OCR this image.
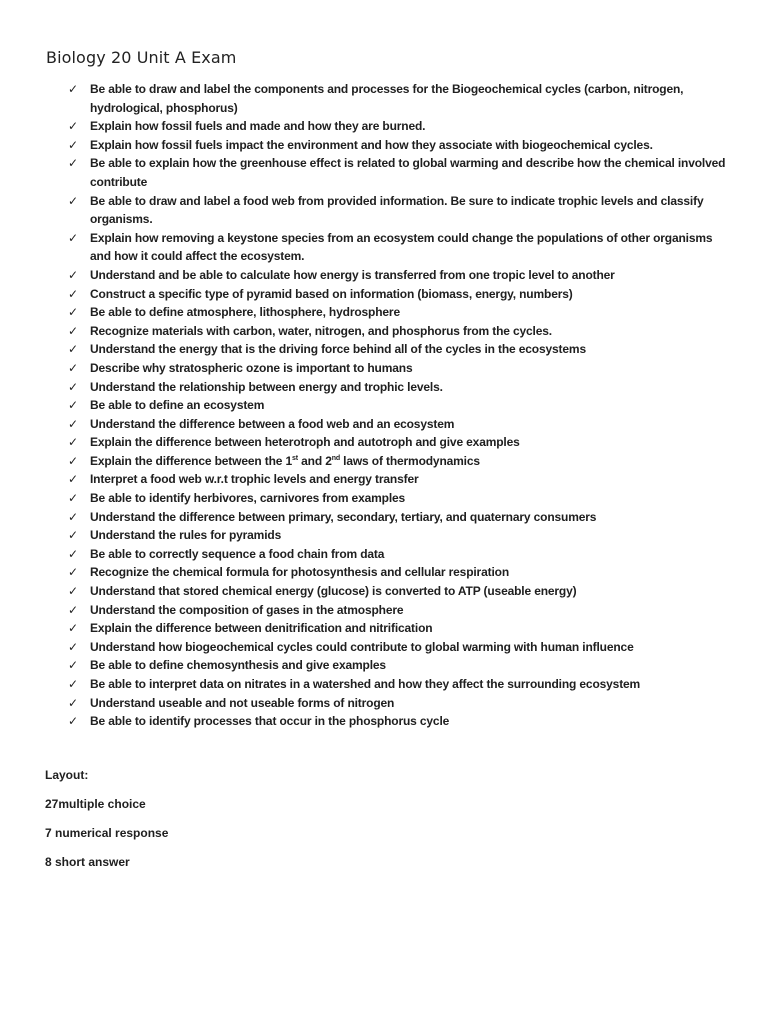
Biology 20 Unit A Exam
✓ Be able to draw and label the components and processes for the Biogeochemical cycles (carbon, nitrogen, hydrological, phosphorus)
✓ Explain how fossil fuels and made and how they are burned.
✓ Explain how fossil fuels impact the environment and how they associate with biogeochemical cycles.
✓ Be able to explain how the greenhouse effect is related to global warming and describe how the chemical involved contribute
✓ Be able to draw and label a food web from provided information. Be sure to indicate trophic levels and classify organisms.
✓ Explain how removing a keystone species from an ecosystem could change the populations of other organisms and how it could affect the ecosystem.
✓ Understand and be able to calculate how energy is transferred from one tropic level to another
✓ Construct a specific type of pyramid based on information (biomass, energy, numbers)
✓ Be able to define atmosphere, lithosphere, hydrosphere
✓ Recognize materials with carbon, water, nitrogen, and phosphorus from the cycles.
✓ Understand the energy that is the driving force behind all of the cycles in the ecosystems
✓ Describe why stratospheric ozone is important to humans
✓ Understand the relationship between energy and trophic levels.
✓ Be able to define an ecosystem
✓ Understand the difference between a food web and an ecosystem
✓ Explain the difference between heterotroph and autotroph and give examples
✓ Explain the difference between the 1st and 2nd laws of thermodynamics
✓ Interpret a food web w.r.t trophic levels and energy transfer
✓ Be able to identify herbivores, carnivores from examples
✓ Understand the difference between primary, secondary, tertiary, and quaternary consumers
✓ Understand the rules for pyramids
✓ Be able to correctly sequence a food chain from data
✓ Recognize the chemical formula for photosynthesis and cellular respiration
✓ Understand that stored chemical energy (glucose) is converted to ATP (useable energy)
✓ Understand the composition of gases in the atmosphere
✓ Explain the difference between denitrification and nitrification
✓ Understand how biogeochemical cycles could contribute to global warming with human influence
✓ Be able to define chemosynthesis and give examples
✓ Be able to interpret data on nitrates in a watershed and how they affect the surrounding ecosystem
✓ Understand useable and not useable forms of nitrogen
✓ Be able to identify processes that occur in the phosphorus cycle
Layout:
27multiple choice
7 numerical response
8 short answer
